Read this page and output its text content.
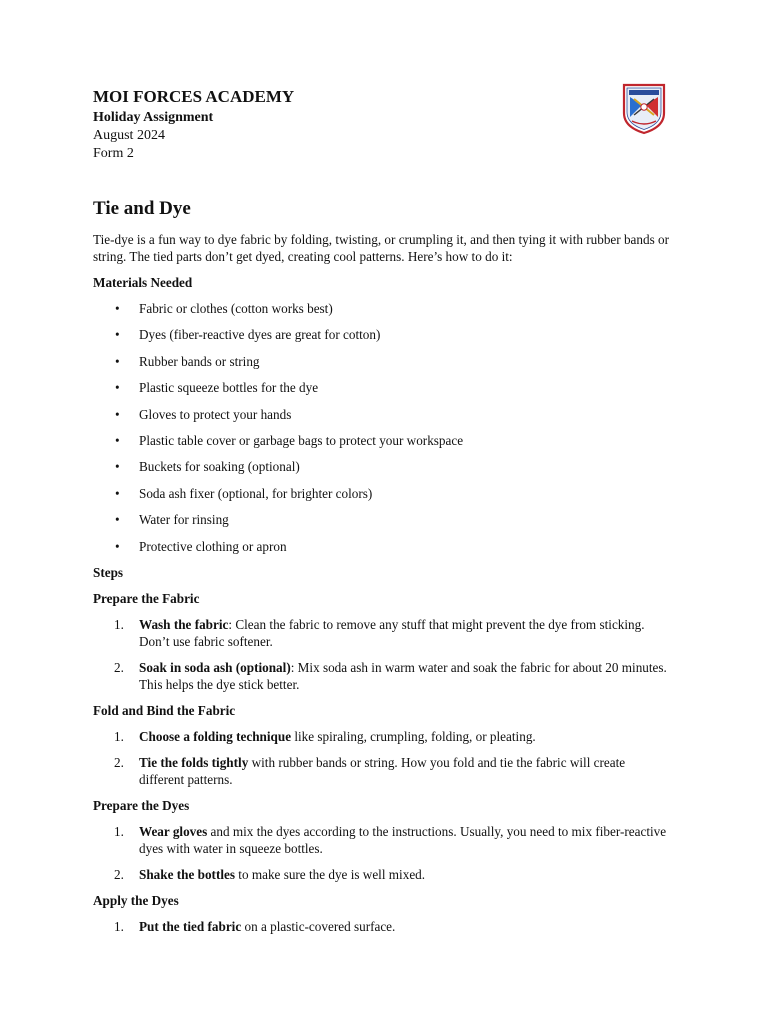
MOI FORCES ACADEMY
Holiday Assignment
August 2024
Form 2
Tie and Dye

Tie-dye is a fun way to dye fabric by folding, twisting, or crumpling it, and then tying it with rubber bands or string. The tied parts don’t get dyed, creating cool patterns. Here’s how to do it:

Materials Needed
• Fabric or clothes (cotton works best)
• Dyes (fiber-reactive dyes are great for cotton)
• Rubber bands or string
• Plastic squeeze bottles for the dye
• Gloves to protect your hands
• Plastic table cover or garbage bags to protect your workspace
• Buckets for soaking (optional)
• Soda ash fixer (optional, for brighter colors)
• Water for rinsing
• Protective clothing or apron
Steps
Prepare the Fabric
1. Wash the fabric: Clean the fabric to remove any stuff that might prevent the dye from sticking. Don’t use fabric softener.
2. Soak in soda ash (optional): Mix soda ash in warm water and soak the fabric for about 20 minutes. This helps the dye stick better.
Fold and Bind the Fabric
1. Choose a folding technique like spiraling, crumpling, folding, or pleating.
2. Tie the folds tightly with rubber bands or string. How you fold and tie the fabric will create different patterns.
Prepare the Dyes
1. Wear gloves and mix the dyes according to the instructions. Usually, you need to mix fiber-reactive dyes with water in squeeze bottles.
2. Shake the bottles to make sure the dye is well mixed.
Apply the Dyes
1. Put the tied fabric on a plastic-covered surface.
